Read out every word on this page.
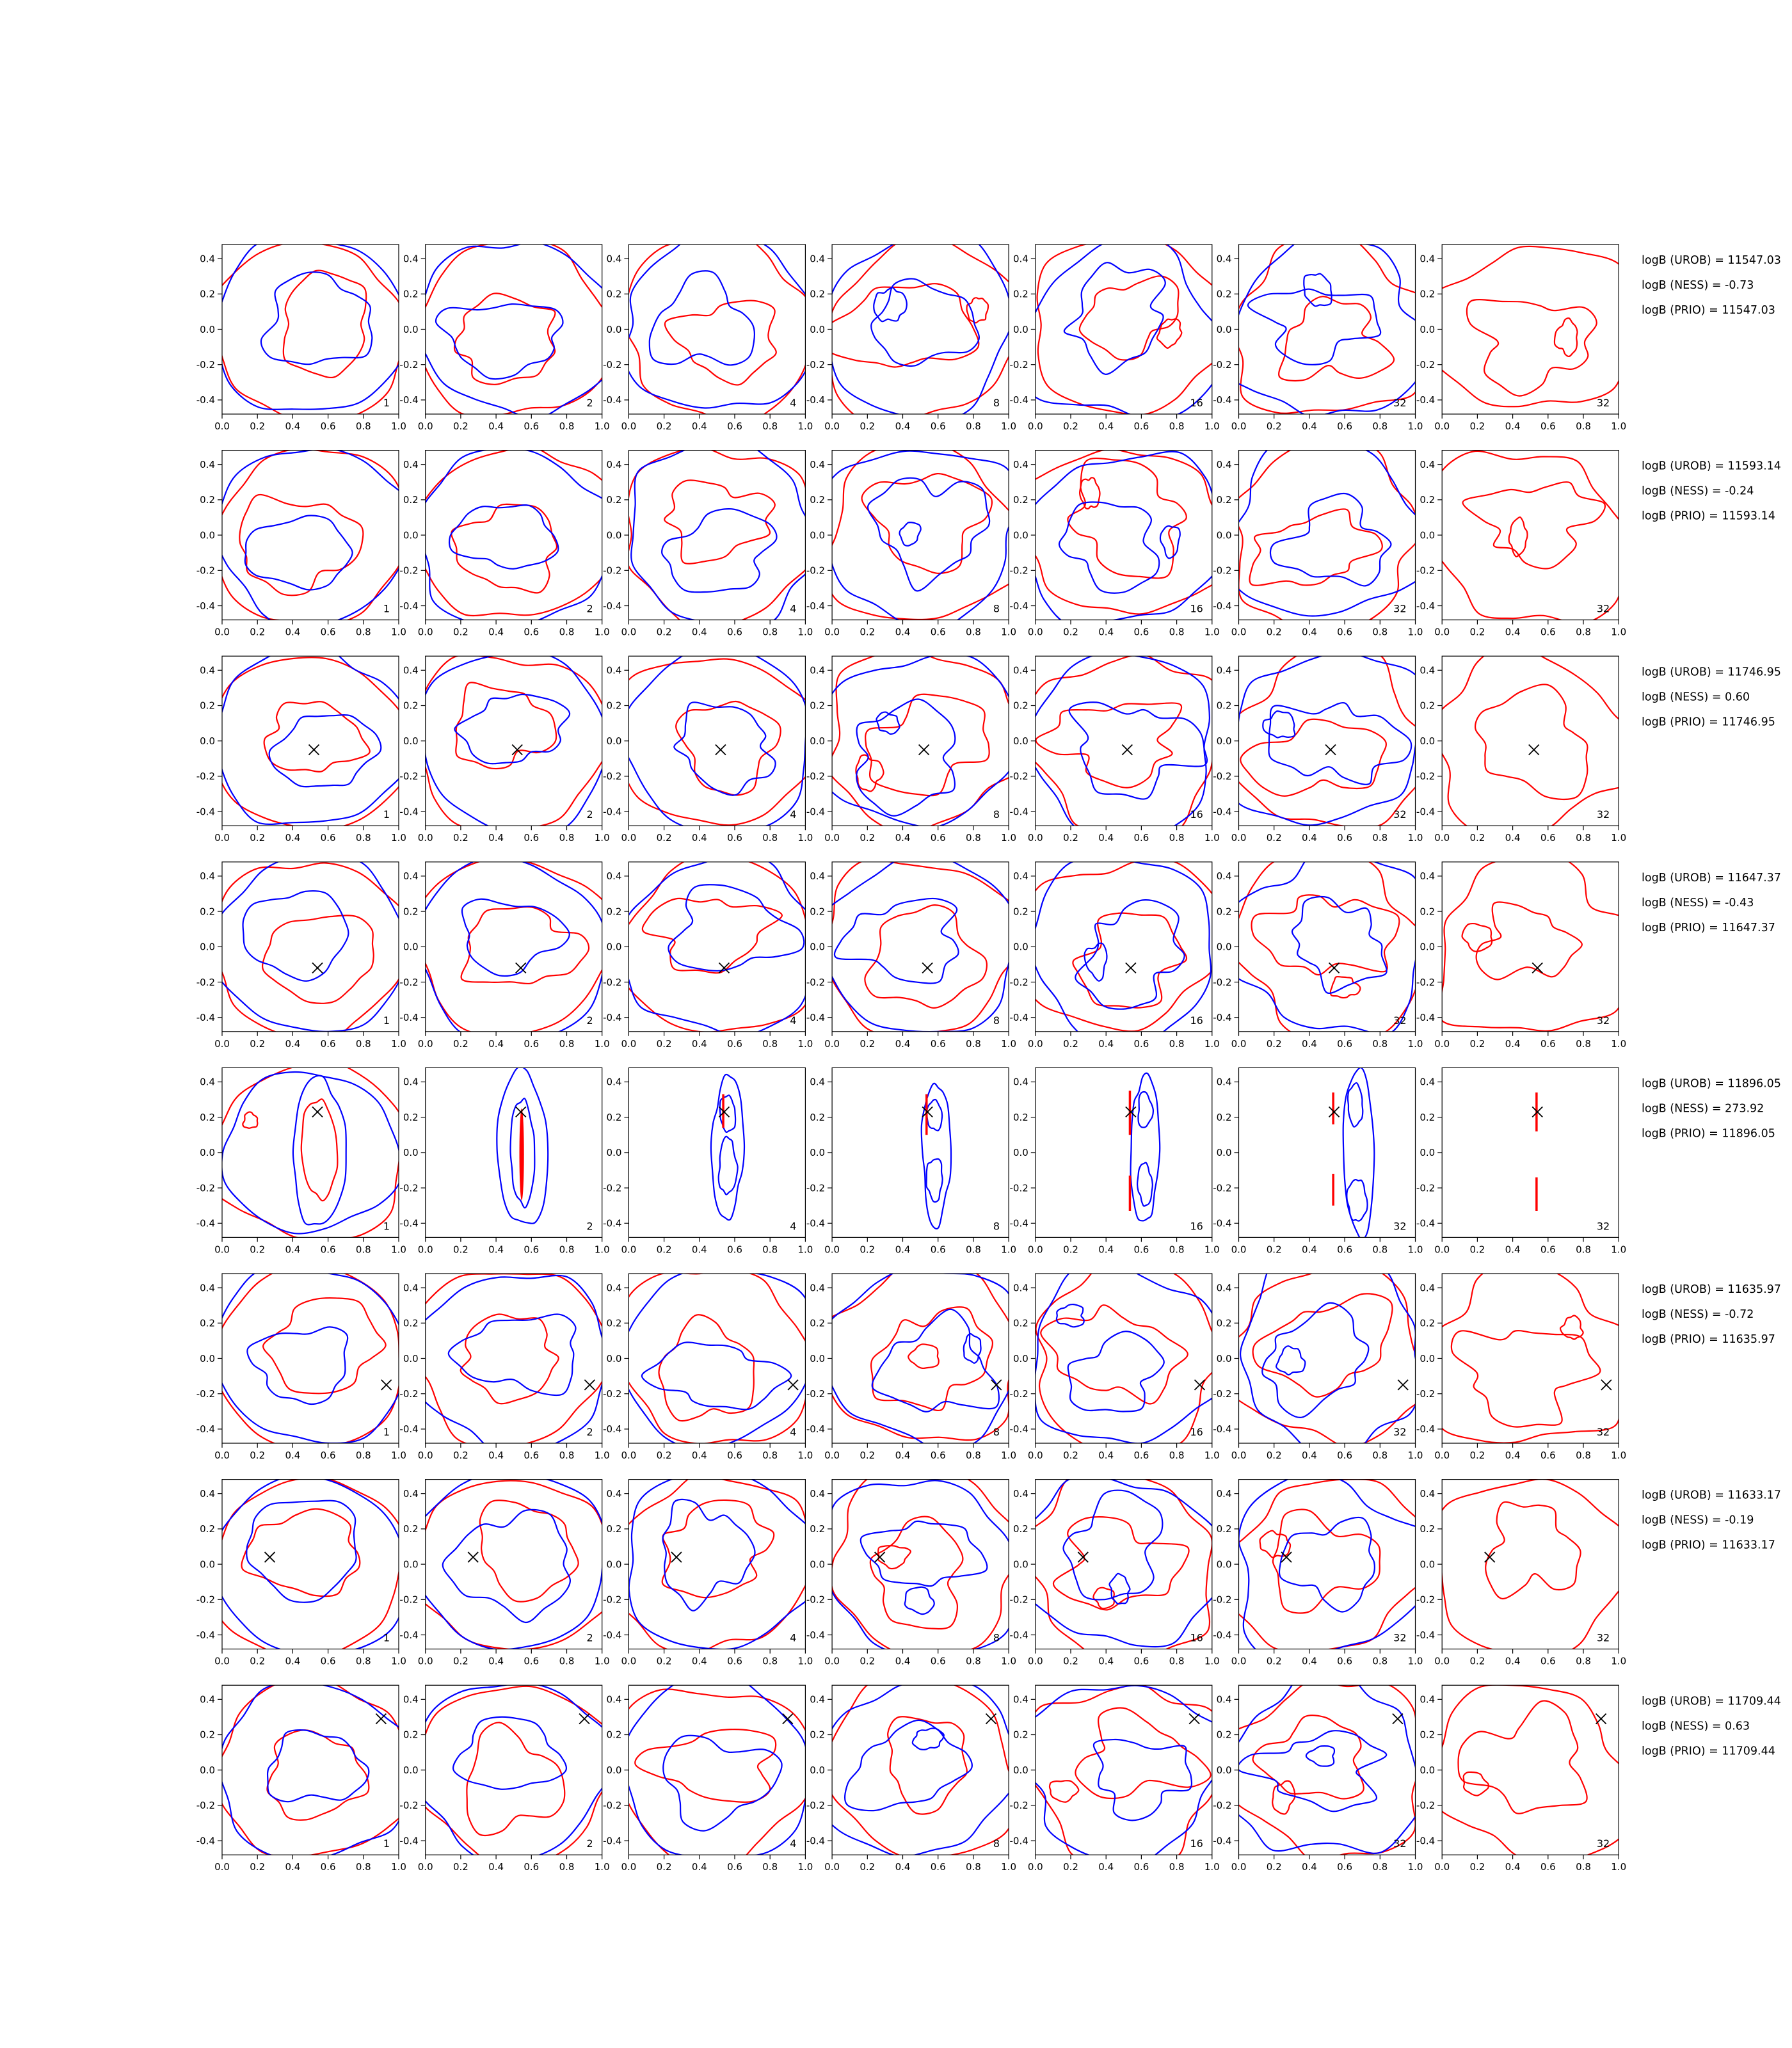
0.0 0.2 0.4 0.6 0.8 1.0
0.4
0.2
0.0
-0.2
-0.4	1
0.0 0.2 0.4 0.6 0.8 1.0
0.4
0.2
0.0
-0.2
-0.4	2
0.0 0.2 0.4 0.6 0.8 1.0
0.4
0.2
0.0
-0.2
-0.4	4
0.0 0.2 0.4 0.6 0.8 1.0
0.4
0.2
0.0
-0.2
-0.4	8
0.0 0.2 0.4 0.6 0.8 1.0
0.4
0.2
0.0
-0.2
-0.4	16
0.0 0.2 0.4 0.6 0.8 1.0
0.4
0.2
0.0
-0.2
-0.4	32
0.0 0.2 0.4 0.6 0.8 1.0
0.4
0.2
0.0
-0.2
-0.4	32
logB (UROB) = 11547.03
logB (NESS) = -0.73
logB (PRIO) = 11547.03
0.0 0.2 0.4 0.6 0.8 1.0
0.4
0.2
0.0
-0.2
-0.4	1
0.0 0.2 0.4 0.6 0.8 1.0
0.4
0.2
0.0
-0.2
-0.4	2
0.0 0.2 0.4 0.6 0.8 1.0
0.4
0.2
0.0
-0.2
-0.4	4
0.0 0.2 0.4 0.6 0.8 1.0
0.4
0.2
0.0
-0.2
-0.4	8
0.0 0.2 0.4 0.6 0.8 1.0
0.4
0.2
0.0
-0.2
-0.4	16
0.0 0.2 0.4 0.6 0.8 1.0
0.4
0.2
0.0
-0.2
-0.4	32
0.0 0.2 0.4 0.6 0.8 1.0
0.4
0.2
0.0
-0.2
-0.4	32
logB (UROB) = 11593.14
logB (NESS) = -0.24
logB (PRIO) = 11593.14
0.0 0.2 0.4 0.6 0.8 1.0
0.4
0.2
0.0
-0.2
-0.4	1
0.0 0.2 0.4 0.6 0.8 1.0
0.4
0.2
0.0
-0.2
-0.4	2
0.0 0.2 0.4 0.6 0.8 1.0
0.4
0.2
0.0
-0.2
-0.4	4
0.0 0.2 0.4 0.6 0.8 1.0
0.4
0.2
0.0
-0.2
-0.4	8
0.0 0.2 0.4 0.6 0.8 1.0
0.4
0.2
0.0
-0.2
-0.4	16
0.0 0.2 0.4 0.6 0.8 1.0
0.4
0.2
0.0
-0.2
-0.4	32
0.0 0.2 0.4 0.6 0.8 1.0
0.4
0.2
0.0
-0.2
-0.4	32
logB (UROB) = 11746.95
logB (NESS) = 0.60
logB (PRIO) = 11746.95
0.0 0.2 0.4 0.6 0.8 1.0
0.4
0.2
0.0
-0.2
-0.4	1
0.0 0.2 0.4 0.6 0.8 1.0
0.4
0.2
0.0
-0.2
-0.4	2
0.0 0.2 0.4 0.6 0.8 1.0
0.4
0.2
0.0
-0.2
-0.4	4
0.0 0.2 0.4 0.6 0.8 1.0
0.4
0.2
0.0
-0.2
-0.4	8
0.0 0.2 0.4 0.6 0.8 1.0
0.4
0.2
0.0
-0.2
-0.4	16
0.0 0.2 0.4 0.6 0.8 1.0
0.4
0.2
0.0
-0.2
-0.4	32
0.0 0.2 0.4 0.6 0.8 1.0
0.4
0.2
0.0
-0.2
-0.4	32
logB (UROB) = 11647.37
logB (NESS) = -0.43
logB (PRIO) = 11647.37
0.0 0.2 0.4 0.6 0.8 1.0
0.4
0.2
0.0
-0.2
-0.4	1
0.0 0.2 0.4 0.6 0.8 1.0
0.4
0.2
0.0
-0.2
-0.4	2
0.0 0.2 0.4 0.6 0.8 1.0
0.4
0.2
0.0
-0.2
-0.4	4
0.0 0.2 0.4 0.6 0.8 1.0
0.4
0.2
0.0
-0.2
-0.4	8
0.0 0.2 0.4 0.6 0.8 1.0
0.4
0.2
0.0
-0.2
-0.4	16
0.0 0.2 0.4 0.6 0.8 1.0
0.4
0.2
0.0
-0.2
-0.4	32
0.0 0.2 0.4 0.6 0.8 1.0
0.4
0.2
0.0
-0.2
-0.4	32
logB (UROB) = 11896.05
logB (NESS) = 273.92
logB (PRIO) = 11896.05
0.0 0.2 0.4 0.6 0.8 1.0
0.4
0.2
0.0
-0.2
-0.4	1
0.0 0.2 0.4 0.6 0.8 1.0
0.4
0.2
0.0
-0.2
-0.4	2
0.0 0.2 0.4 0.6 0.8 1.0
0.4
0.2
0.0
-0.2
-0.4	4
0.0 0.2 0.4 0.6 0.8 1.0
0.4
0.2
0.0
-0.2
-0.4	8
0.0 0.2 0.4 0.6 0.8 1.0
0.4
0.2
0.0
-0.2
-0.4	16
0.0 0.2 0.4 0.6 0.8 1.0
0.4
0.2
0.0
-0.2
-0.4	32
0.0 0.2 0.4 0.6 0.8 1.0
0.4
0.2
0.0
-0.2
-0.4	32
logB (UROB) = 11635.97
logB (NESS) = -0.72
logB (PRIO) = 11635.97
0.0 0.2 0.4 0.6 0.8 1.0
0.4
0.2
0.0
-0.2
-0.4	1
0.0 0.2 0.4 0.6 0.8 1.0
0.4
0.2
0.0
-0.2
-0.4	2
0.0 0.2 0.4 0.6 0.8 1.0
0.4
0.2
0.0
-0.2
-0.4	4
0.0 0.2 0.4 0.6 0.8 1.0
0.4
0.2
0.0
-0.2
-0.4	8
0.0 0.2 0.4 0.6 0.8 1.0
0.4
0.2
0.0
-0.2
-0.4	16
0.0 0.2 0.4 0.6 0.8 1.0
0.4
0.2
0.0
-0.2
-0.4	32
0.0 0.2 0.4 0.6 0.8 1.0
0.4
0.2
0.0
-0.2
-0.4	32
logB (UROB) = 11633.17
logB (NESS) = -0.19
logB (PRIO) = 11633.17
0.0 0.2 0.4 0.6 0.8 1.0
0.4
0.2
0.0
-0.2
-0.4	1
0.0 0.2 0.4 0.6 0.8 1.0
0.4
0.2
0.0
-0.2
-0.4	2
0.0 0.2 0.4 0.6 0.8 1.0
0.4
0.2
0.0
-0.2
-0.4	4
0.0 0.2 0.4 0.6 0.8 1.0
0.4
0.2
0.0
-0.2
-0.4	8
0.0 0.2 0.4 0.6 0.8 1.0
0.4
0.2
0.0
-0.2
-0.4	16
0.0 0.2 0.4 0.6 0.8 1.0
0.4
0.2
0.0
-0.2
-0.4	32
0.0 0.2 0.4 0.6 0.8 1.0
0.4
0.2
0.0
-0.2
-0.4	32
logB (UROB) = 11709.44
logB (NESS) = 0.63
logB (PRIO) = 11709.44
